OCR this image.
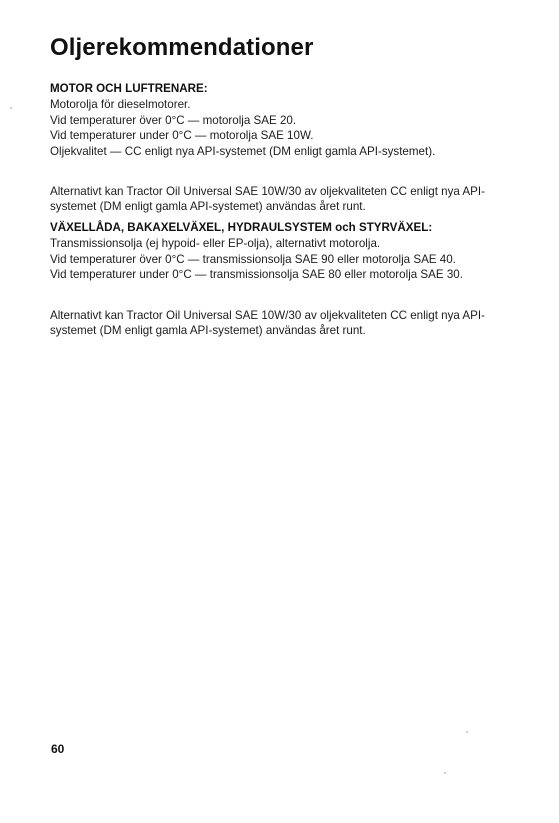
Oljerekommendationer
MOTOR OCH LUFTRENARE:
Motorolja för dieselmotorer.
Vid temperaturer över 0°C — motorolja SAE 20.
Vid temperaturer under 0°C — motorolja SAE 10W.
Oljekvalitet — CC enligt nya API-systemet (DM enligt gamla API-systemet).

Alternativt kan Tractor Oil Universal SAE 10W/30 av oljekvaliteten CC enligt nya API-systemet (DM enligt gamla API-systemet) användas året runt.

VÄXELLÅDA, BAKAXELVÄXEL, HYDRAULSYSTEM och STYRVÄXEL:
Transmissionsolja (ej hypoid- eller EP-olja), alternativt motorolja.
Vid temperaturer över 0°C — transmissionsolja SAE 90 eller motorolja SAE 40.
Vid temperaturer under 0°C — transmissionsolja SAE 80 eller motorolja SAE 30.

Alternativt kan Tractor Oil Universal SAE 10W/30 av oljekvaliteten CC enligt nya API-systemet (DM enligt gamla API-systemet) användas året runt.

60
